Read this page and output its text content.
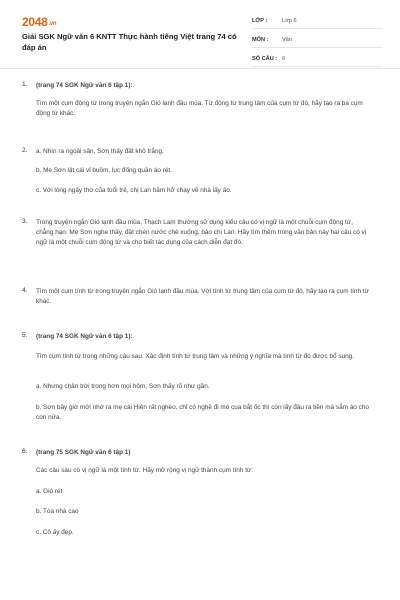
2048.vn
Giải SGK Ngữ văn 6 KNTT Thực hành tiếng Việt trang 74 có đáp án
LỚP :	Lớp 6
MÔN :	Văn
SỐ CÂU : 6
1. (trang 74 SGK Ngữ văn 6 tập 1):

Tìm một cụm động từ trong truyện ngắn Gió lạnh đầu mùa. Từ động từ trung tâm của cụm từ đó, hãy tạo ra ba cụm động từ khác.

2. a. Nhìn ra ngoài sân, Sơn thấy đất khô trắng.

b. Mẹ Sơn lật cái vỉ buồm, lục đống quần áo rét.

c. Với lòng ngây thơ của tuổi trẻ, chị Lan hăm hở chạy về nhà lấy áo.

3. Trong truyện ngắn Gió lạnh đầu mùa, Thạch Lam thường sử dụng kiểu câu có vị ngữ là một chuỗi cụm động từ, chẳng hạn: Mẹ Sơn nghe thấy, đặt chén nước chè xuống, bảo chị Lan. Hãy tìm thêm trong văn bản này hai câu có vị ngữ là một chuỗi cụm động từ và cho biết tác dụng của cách diễn đạt đó.

4. Tìm một cụm tính từ trong truyện ngắn Gió lạnh đầu mùa. Với tính từ trung tâm của cụm từ đó, hãy tạo ra cụm tính từ khác.

5. (trang 74 SGK Ngữ văn 6 tập 1):

Tìm cụm tính từ trong những câu sau. Xác định tính từ trung tâm và những ý nghĩa mà tính từ đó được bổ sung.

a. Nhưng chân trời trong hơn mọi hôm, Sơn thấy rõ như gần.

b. Sơn bây giờ mới nhớ ra mẹ cái Hiên rất nghèo, chỉ có nghề đi mò cua bắt ốc thì còn lấy đâu ra tiền mà sắm áo cho con nữa.

6. (trang 75 SGK Ngữ văn 6 tập 1)

Các câu sau có vị ngữ là một tính từ. Hãy mở rộng vị ngữ thành cụm tính từ:

a. Gió rét

b. Tòa nhà cao

c. Cô ấy đẹp.
